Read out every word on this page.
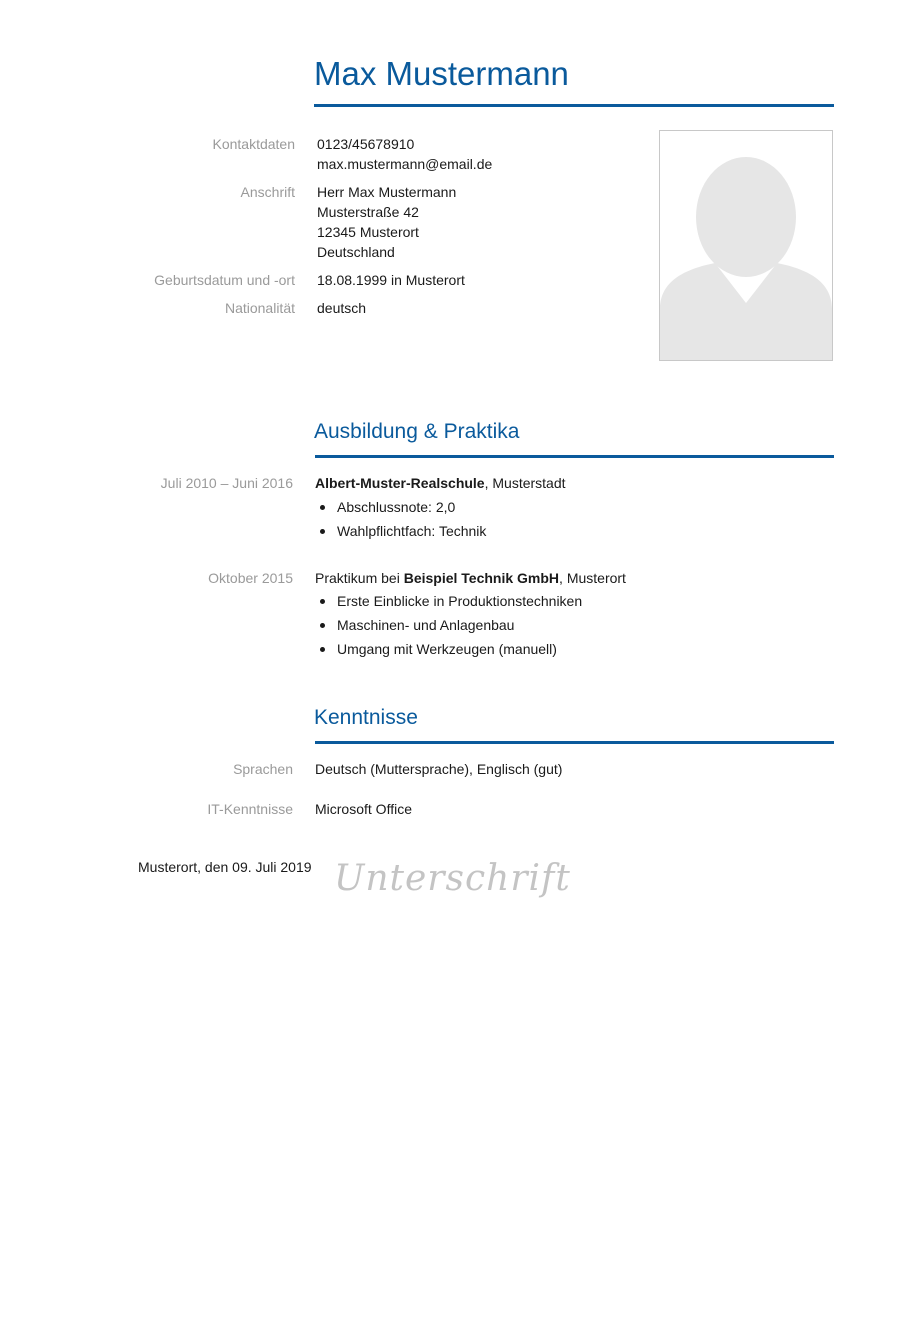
Max Mustermann
Kontaktdaten 0123/45678910
max.mustermann@email.de
Anschrift Herr Max Mustermann
Musterstraße 42
12345 Musterort
Deutschland
Geburtsdatum und -ort 18.08.1999 in Musterort
Nationalität deutsch
Ausbildung & Praktika
Juli 2010 – Juni 2016 Albert-Muster-Realschule, Musterstadt
Abschlussnote: 2,0
Wahlpflichtfach: Technik
Oktober 2015 Praktikum bei Beispiel Technik GmbH, Musterort
Erste Einblicke in Produktionstechniken
Maschinen- und Anlagenbau
Umgang mit Werkzeugen (manuell)
Kenntnisse
Sprachen Deutsch (Muttersprache), Englisch (gut)
IT-Kenntnisse Microsoft Office
Musterort, den 09. Juli 2019 Unterschrift
